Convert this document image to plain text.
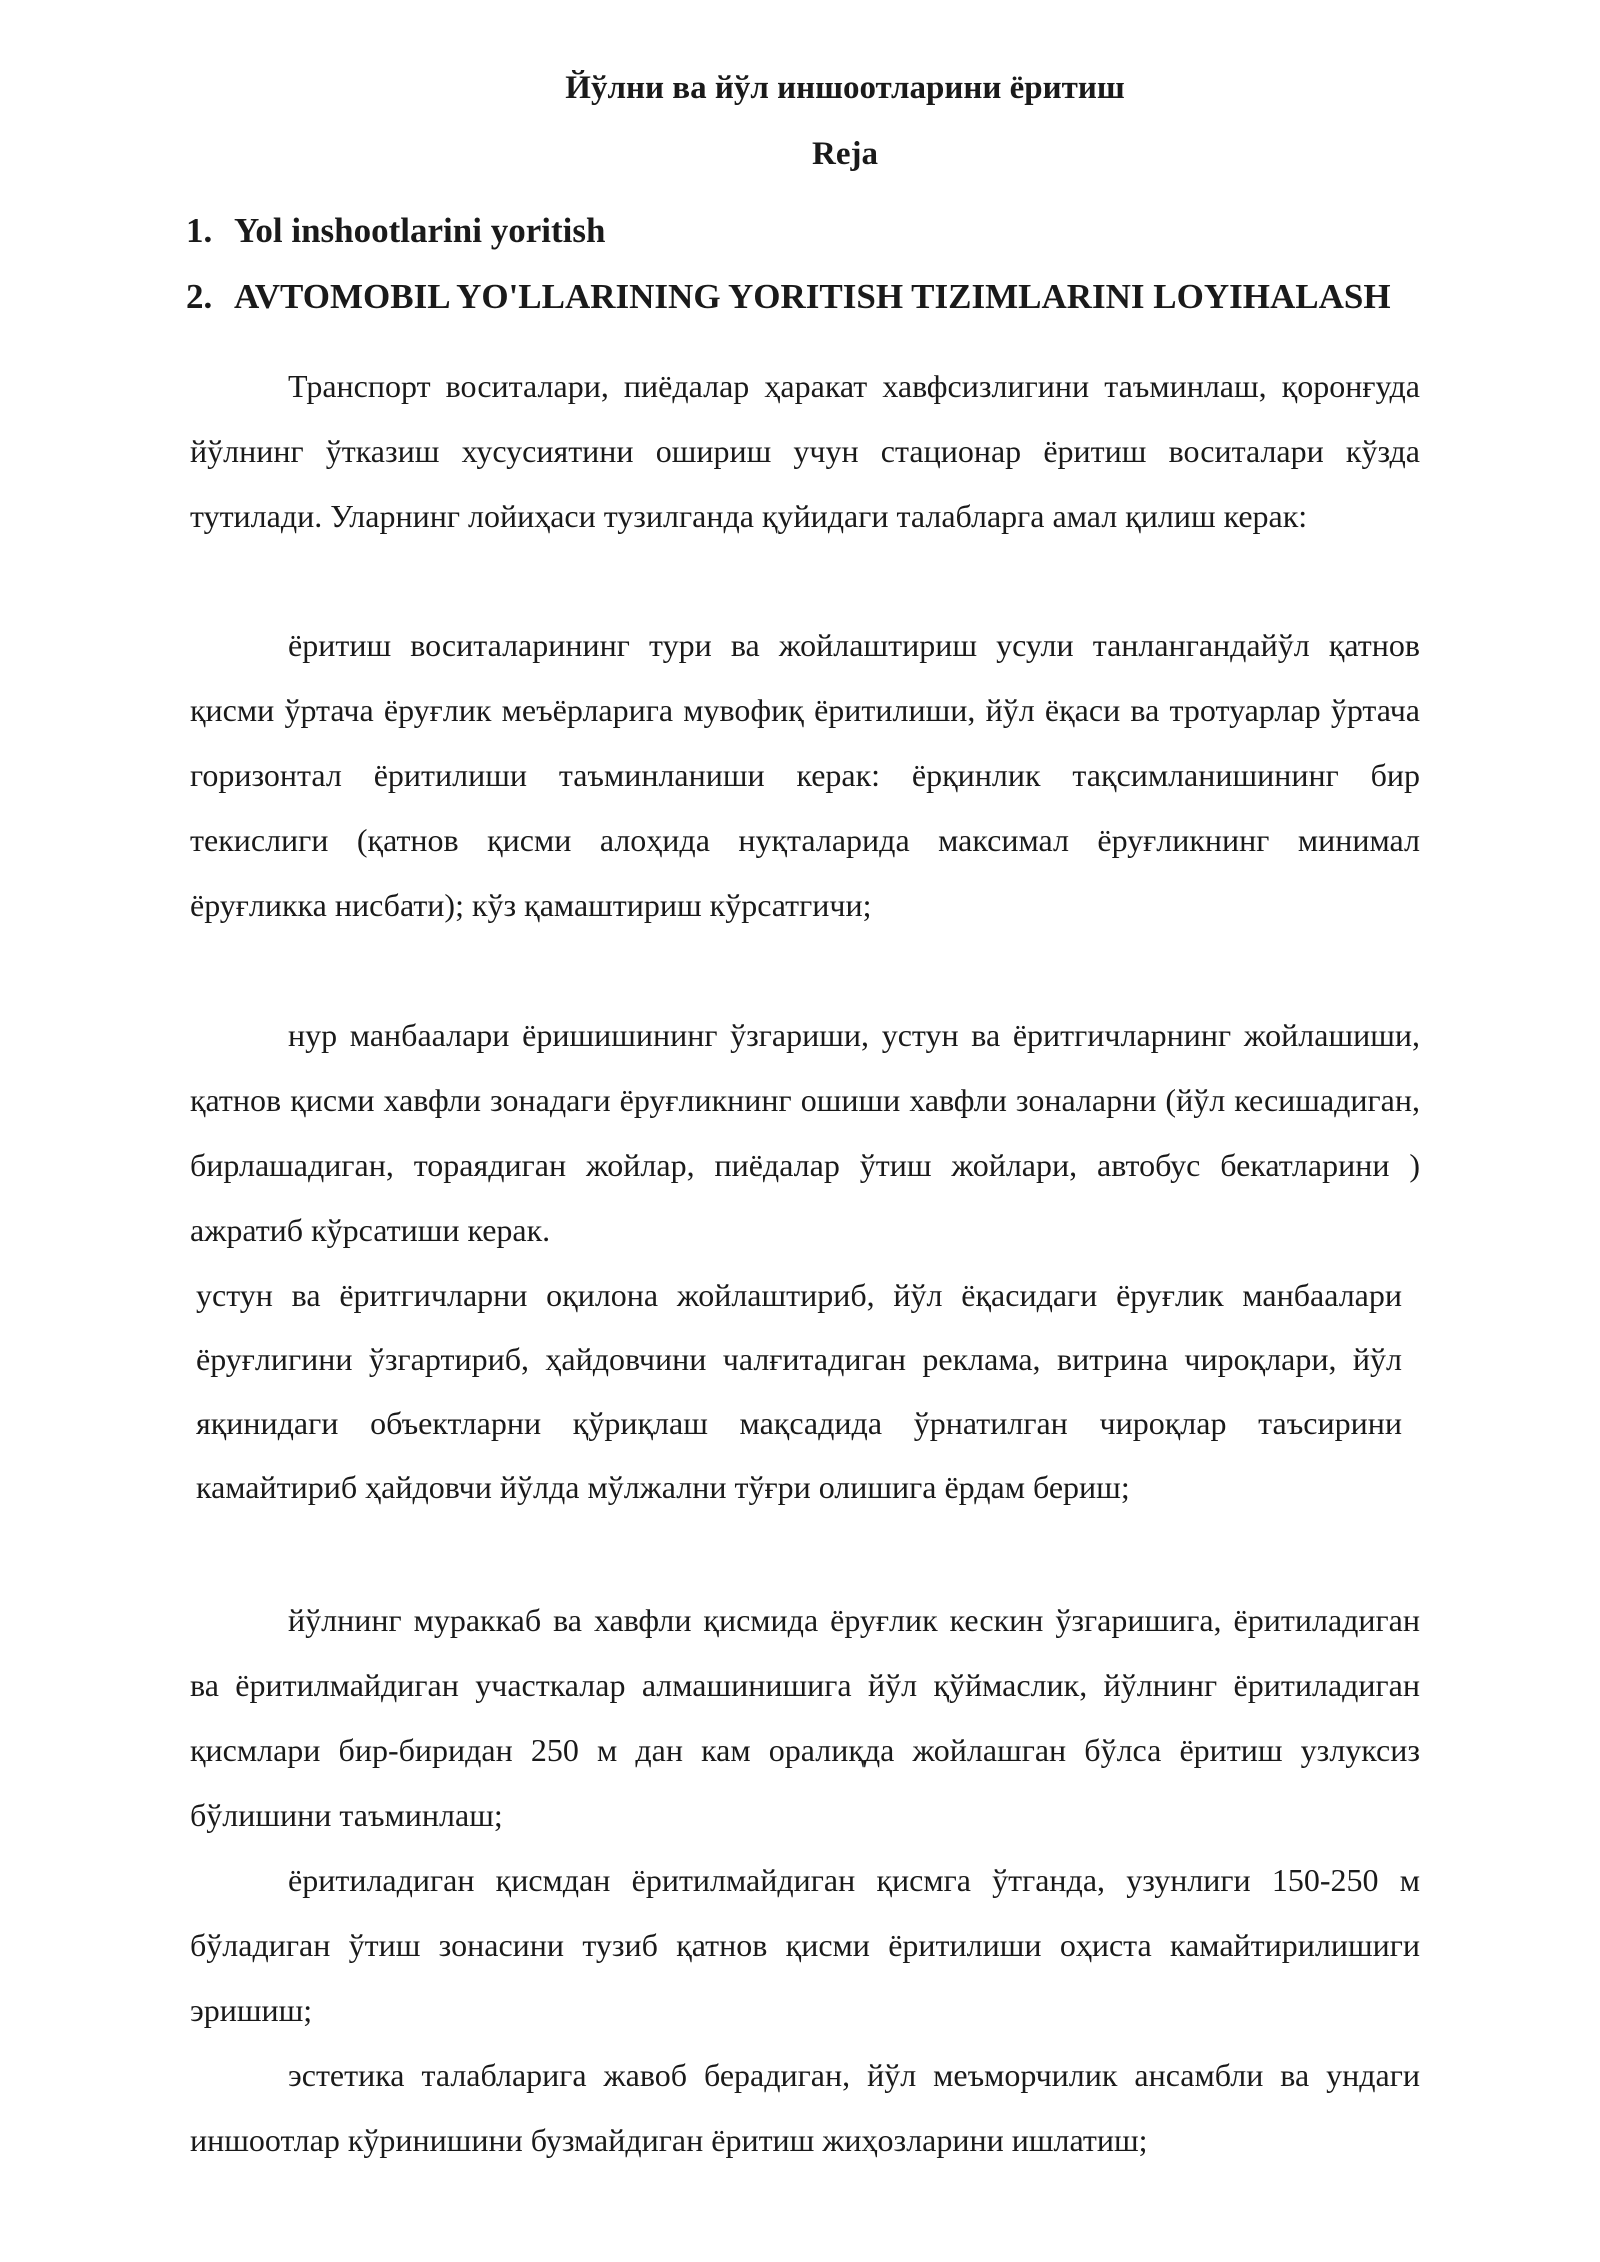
Йўлни ва йўл иншоотларини ёритиш
Reja
1. Yol inshootlarini yoritish
2. AVTOMOBIL YO'LLARINING YORITISH TIZIMLARINI LOYIHALASH

Транспорт воситалари, пиёдалар ҳаракат хавфсизлигини таъминлаш, қоронғуда йўлнинг ўтказиш хусусиятини ошириш учун стационар ёритиш воситалари кўзда тутилади. Уларнинг лойиҳаси тузилганда қуйидаги талабларга амал қилиш керак:

ёритиш воситаларининг тури ва жойлаштириш усули танлангандайўл қатнов қисми ўртача ёруғлик меъёрларига мувофиқ ёритилиши, йўл ёқаси ва тротуарлар ўртача горизонтал ёритилиши таъминланиши керак: ёрқинлик тақсимланишининг бир текислиги (қатнов қисми алоҳида нуқталарида максимал ёруғликнинг минимал ёруғликка нисбати); кўз қамаштириш кўрсатгичи;

нур манбаалари ёришишининг ўзгариши, устун ва ёритгичларнинг жойлашиши, қатнов қисми хавфли зонадаги ёруғликнинг ошиши хавфли зоналарни (йўл кесишадиган, бирлашадиган, тораядиган жойлар, пиёдалар ўтиш жойлари, автобус бекатларини ) ажратиб кўрсатиши керак.

устун ва ёритгичларни оқилона жойлаштириб, йўл ёқасидаги ёруғлик манбаалари ёруғлигини ўзгартириб, ҳайдовчини чалғитадиган реклама, витрина чироқлари, йўл яқинидаги объектларни қўриқлаш мақсадида ўрнатилган чироқлар таъсирини камайтириб ҳайдовчи йўлда мўлжални тўғри олишига ёрдам бериш;

йўлнинг мураккаб ва хавфли қисмида ёруғлик кескин ўзгаришига, ёритиладиган ва ёритилмайдиган участкалар алмашинишига йўл қўймаслик, йўлнинг ёритиладиган қисмлари бир-биридан 250 м дан кам оралиқда жойлашган бўлса ёритиш узлуксиз бўлишини таъминлаш;

ёритиладиган қисмдан ёритилмайдиган қисмга ўтганда, узунлиги 150-250 м бўладиган ўтиш зонасини тузиб қатнов қисми ёритилиши оҳиста камайтирилишиги эришиш;

эстетика талабларига жавоб берадиган, йўл меъморчилик ансамбли ва ундаги иншоотлар кўринишини бузмайдиган ёритиш жиҳозларини ишлатиш;
